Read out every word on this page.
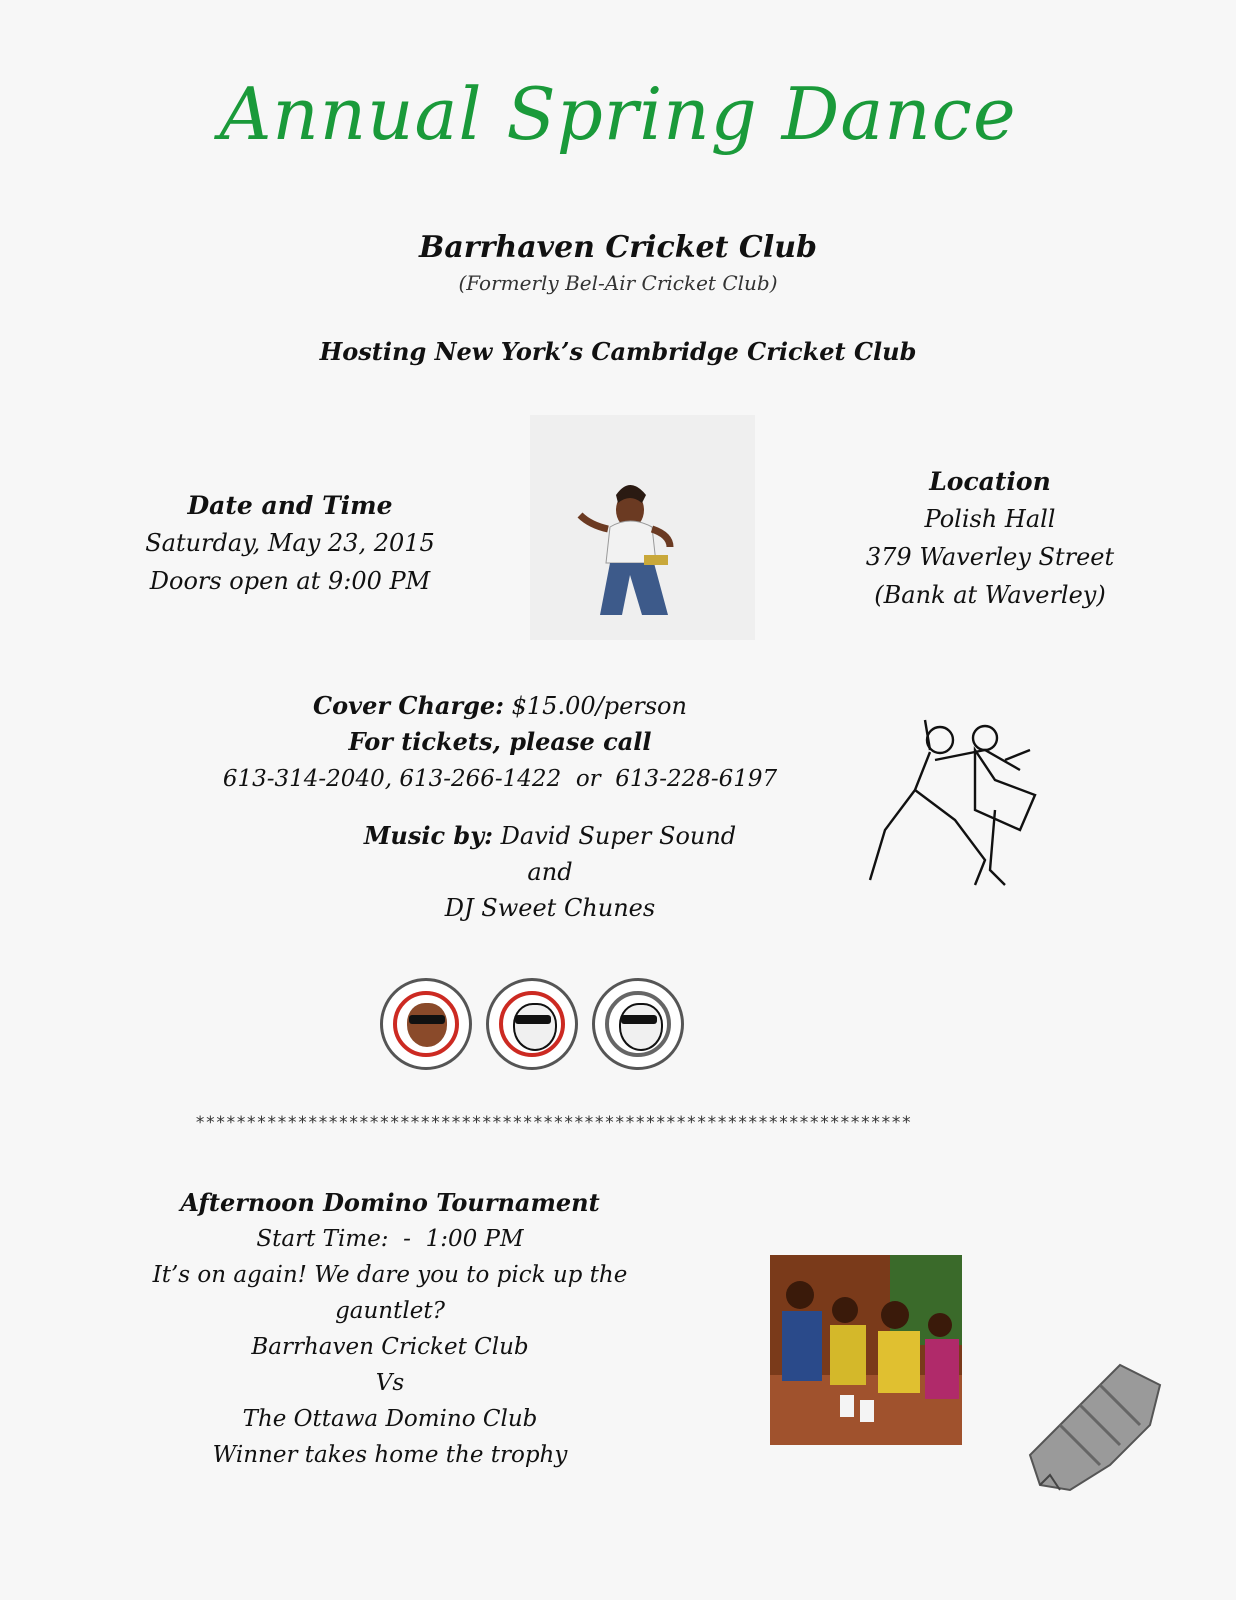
Annual Spring Dance
Barrhaven Cricket Club
(Formerly Bel-Air Cricket Club)
Hosting New York’s Cambridge Cricket Club
Date and Time
Saturday, May 23, 2015
Doors open at 9:00 PM
Location
Polish Hall
379 Waverley Street
(Bank at Waverley)
Cover Charge: $15.00/person
For tickets, please call
613-314-2040, 613-266-1422  or  613-228-6197
Music by: David Super Sound
and
DJ Sweet Chunes
**********************************************************************
Afternoon Domino Tournament
Start Time:  -  1:00 PM
It’s on again! We dare you to pick up the
gauntlet?
Barrhaven Cricket Club
Vs
The Ottawa Domino Club
Winner takes home the trophy
